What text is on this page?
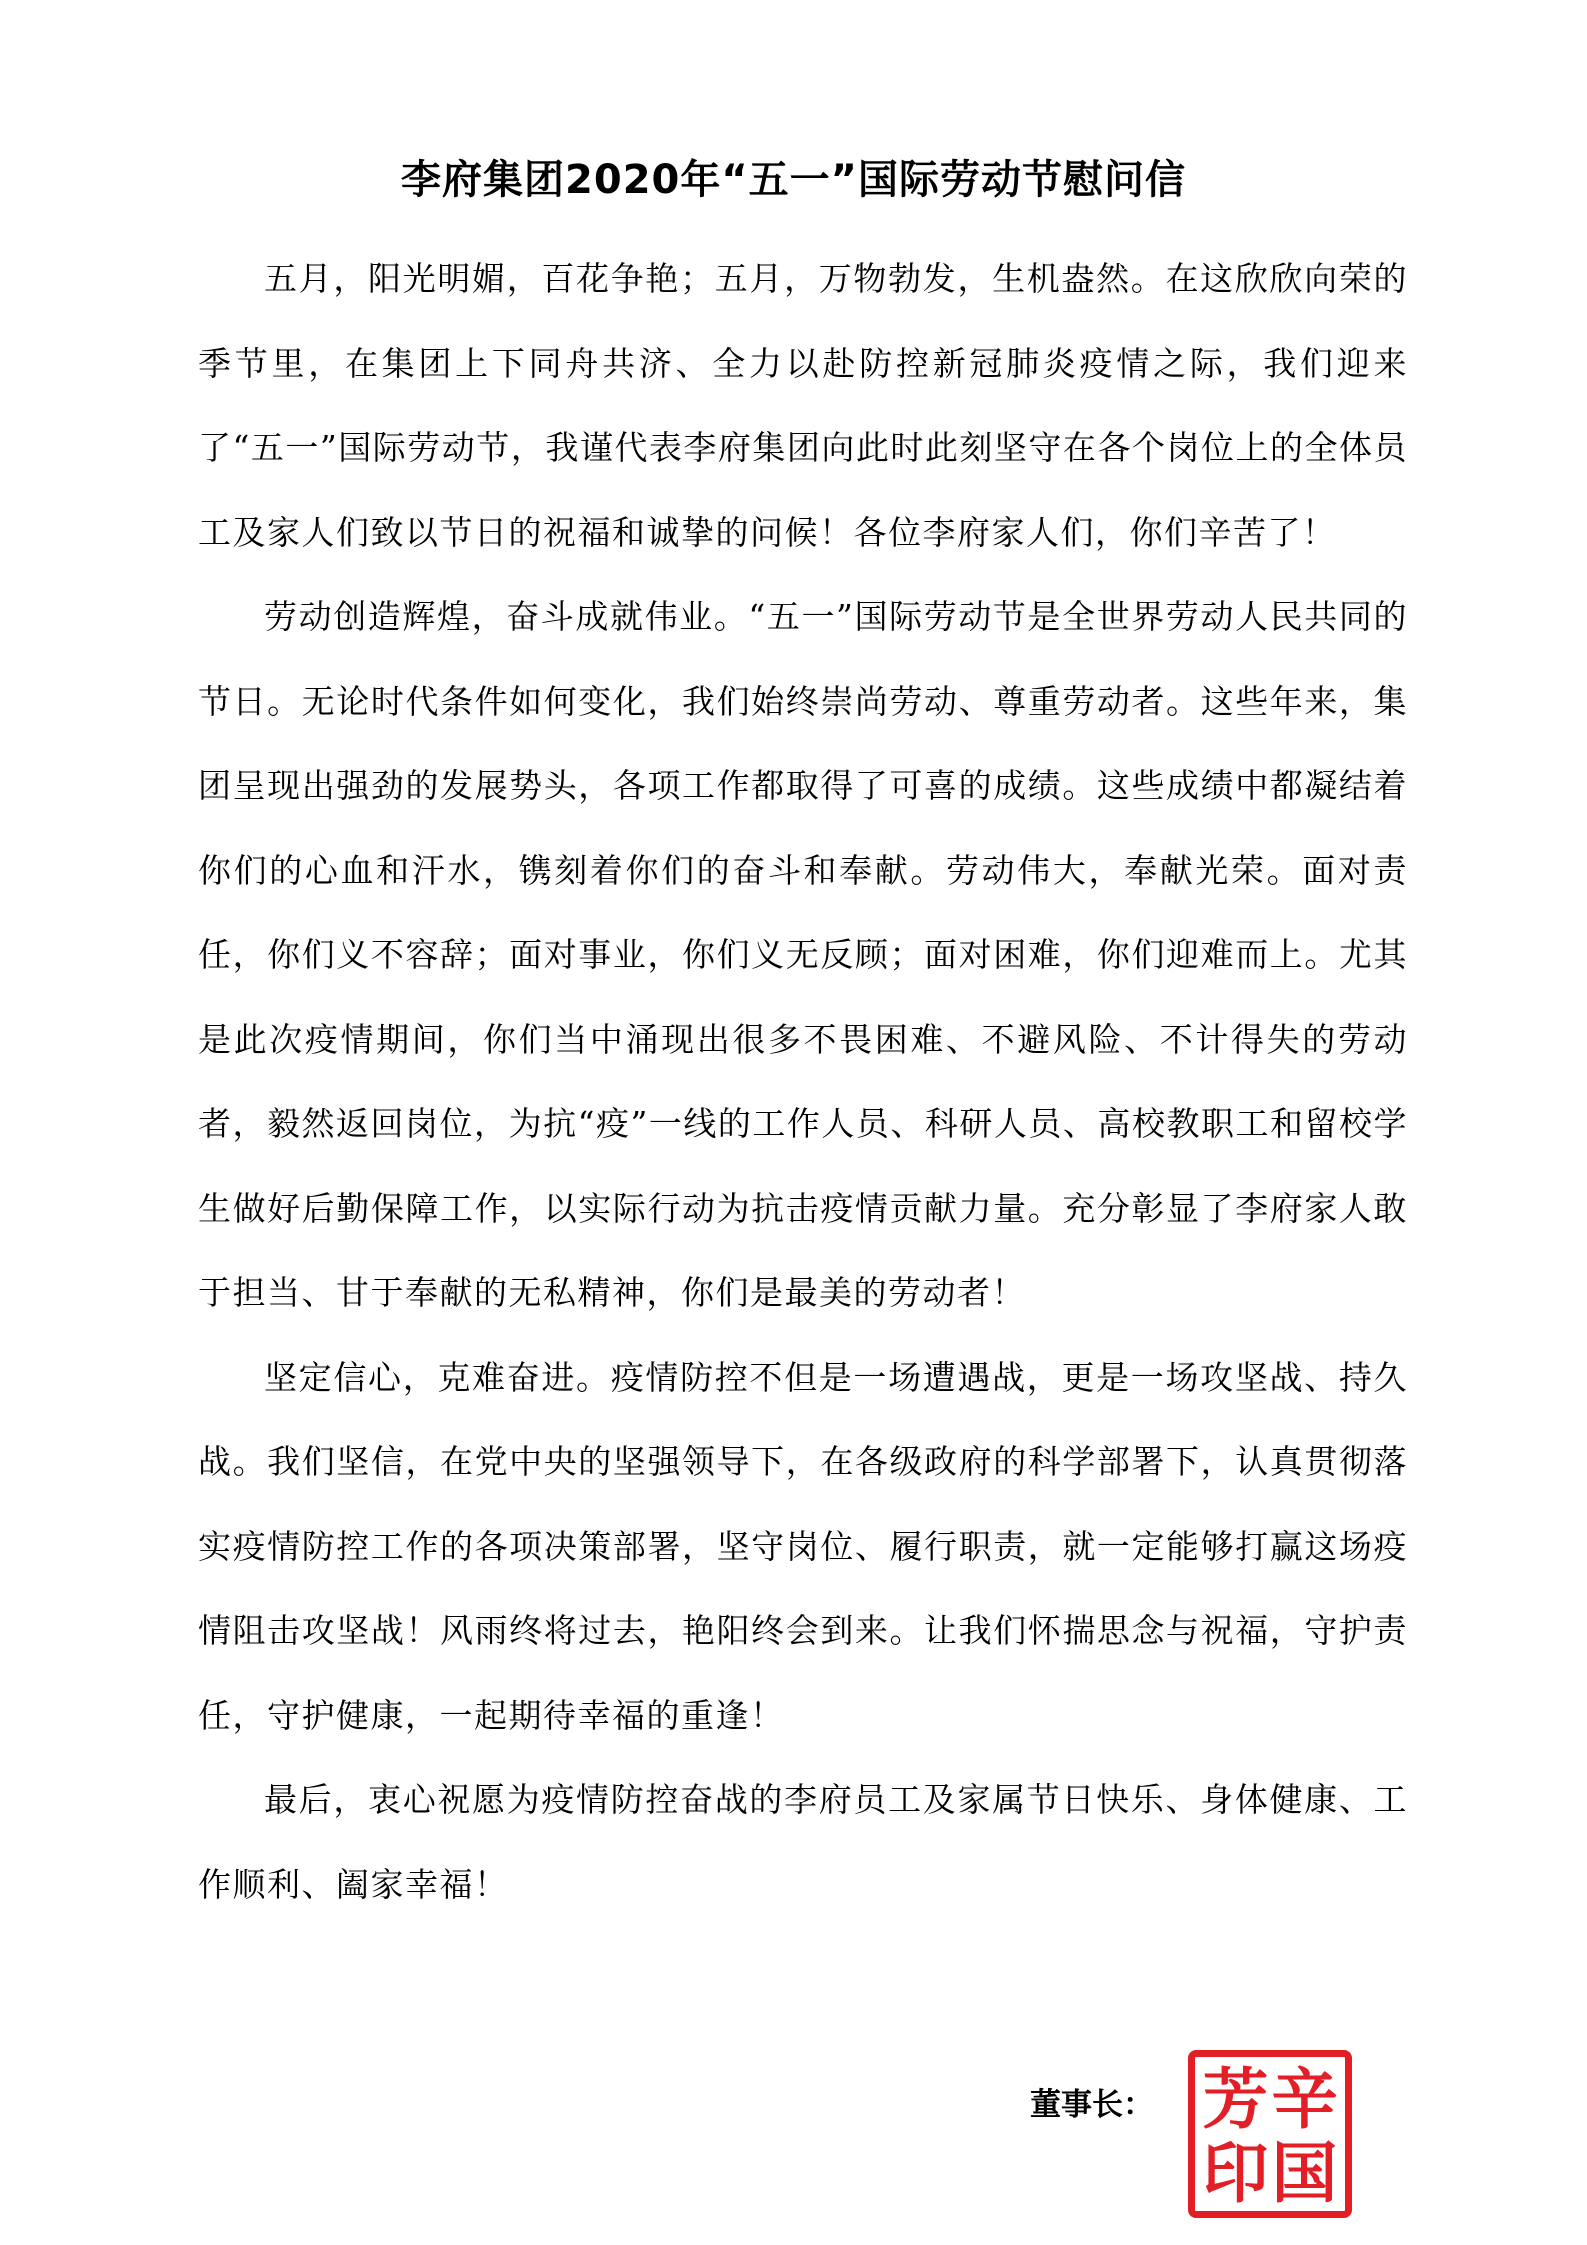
李府集团2020年“五一”国际劳动节慰问信

五月，阳光明媚，百花争艳；五月，万物勃发，生机盎然。在这欣欣向荣的季节里，在集团上下同舟共济、全力以赴防控新冠肺炎疫情之际，我们迎来了“五一”国际劳动节，我谨代表李府集团向此时此刻坚守在各个岗位上的全体员工及家人们致以节日的祝福和诚挚的问候！各位李府家人们，你们辛苦了！

劳动创造辉煌，奋斗成就伟业。“五一”国际劳动节是全世界劳动人民共同的节日。无论时代条件如何变化，我们始终崇尚劳动、尊重劳动者。这些年来，集团呈现出强劲的发展势头，各项工作都取得了可喜的成绩。这些成绩中都凝结着你们的心血和汗水，镌刻着你们的奋斗和奉献。劳动伟大，奉献光荣。面对责任，你们义不容辞；面对事业，你们义无反顾；面对困难，你们迎难而上。尤其是此次疫情期间，你们当中涌现出很多不畏困难、不避风险、不计得失的劳动者，毅然返回岗位，为抗“疫”一线的工作人员、科研人员、高校教职工和留校学生做好后勤保障工作，以实际行动为抗击疫情贡献力量。充分彰显了李府家人敢于担当、甘于奉献的无私精神，你们是最美的劳动者！

坚定信心，克难奋进。疫情防控不但是一场遭遇战，更是一场攻坚战、持久战。我们坚信，在党中央的坚强领导下，在各级政府的科学部署下，认真贯彻落实疫情防控工作的各项决策部署，坚守岗位、履行职责，就一定能够打赢这场疫情阻击攻坚战！风雨终将过去，艳阳终会到来。让我们怀揣思念与祝福，守护责任，守护健康，一起期待幸福的重逢！

最后，衷心祝愿为疫情防控奋战的李府员工及家属节日快乐、身体健康、工作顺利、阖家幸福！

董事长： 芳
印
辛
国
